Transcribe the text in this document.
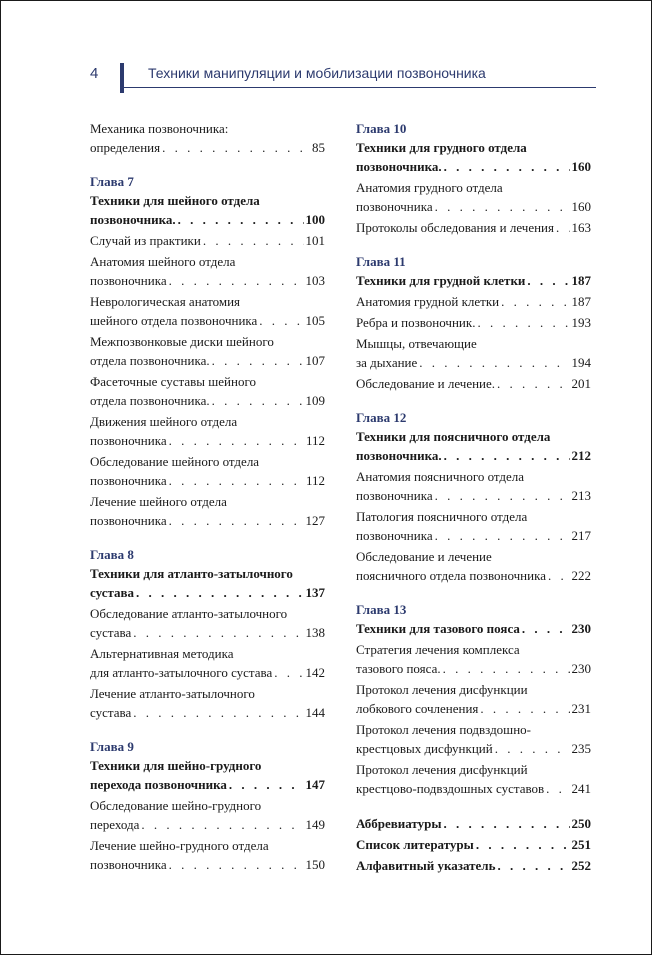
4	Техники манипуляции и мобилизации позвоночника
Механика позвоночника:
определения . . .	85
Глава 7
Техники для шейного отдела
позвоночника. . . .	100
Случай из практики . . .	101
Анатомия шейного отдела
позвоночника . . .	103
Неврологическая анатомия
шейного отдела позвоночника . . .	105
Межпозвонковые диски шейного
отдела позвоночника. . . .	107
Фасеточные суставы шейного
отдела позвоночника. . . .	109
Движения шейного отдела
позвоночника . . .	112
Обследование шейного отдела
позвоночника . . .	112
Лечение шейного отдела
позвоночника . . .	127
Глава 8
Техники для атланто-затылочного
сустава . . .	137
Обследование атланто-затылочного
сустава . . .	138
Альтернативная методика
для атланто-затылочного сустава . . .	142
Лечение атланто-затылочного
сустава . . .	144
Глава 9
Техники для шейно-грудного
перехода позвоночника . . .	147
Обследование шейно-грудного
перехода . . .	149
Лечение шейно-грудного отдела
позвоночника . . .	150
Глава 10
Техники для грудного отдела
позвоночника. . . .	160
Анатомия грудного отдела
позвоночника . . .	160
Протоколы обследования и лечения . . . 163
Глава 11
Техники для грудной клетки . . .	187
Анатомия грудной клетки . . .	187
Ребра и позвоночник. . . .	193
Мышцы, отвечающие
за дыхание . . .	194
Обследование и лечение. . . .	201
Глава 12
Техники для поясничного отдела
позвоночника. . . .	212
Анатомия поясничного отдела
позвоночника . . .	213
Патология поясничного отдела
позвоночника . . .	217
Обследование и лечение
поясничного отдела позвоночника . . . 222
Глава 13
Техники для тазового пояса . . .	230
Стратегия лечения комплекса
тазового пояса. . . .	230
Протокол лечения дисфункции
лобкового сочленения . . .	231
Протокол лечения подвздошно-
крестцовых дисфункций . . .	235
Протокол лечения дисфункций
крестцово-подвздошных суставов . . . 241
Аббревиатуры . . .	250
Список литературы . . .	251
Алфавитный указатель . . .	252
